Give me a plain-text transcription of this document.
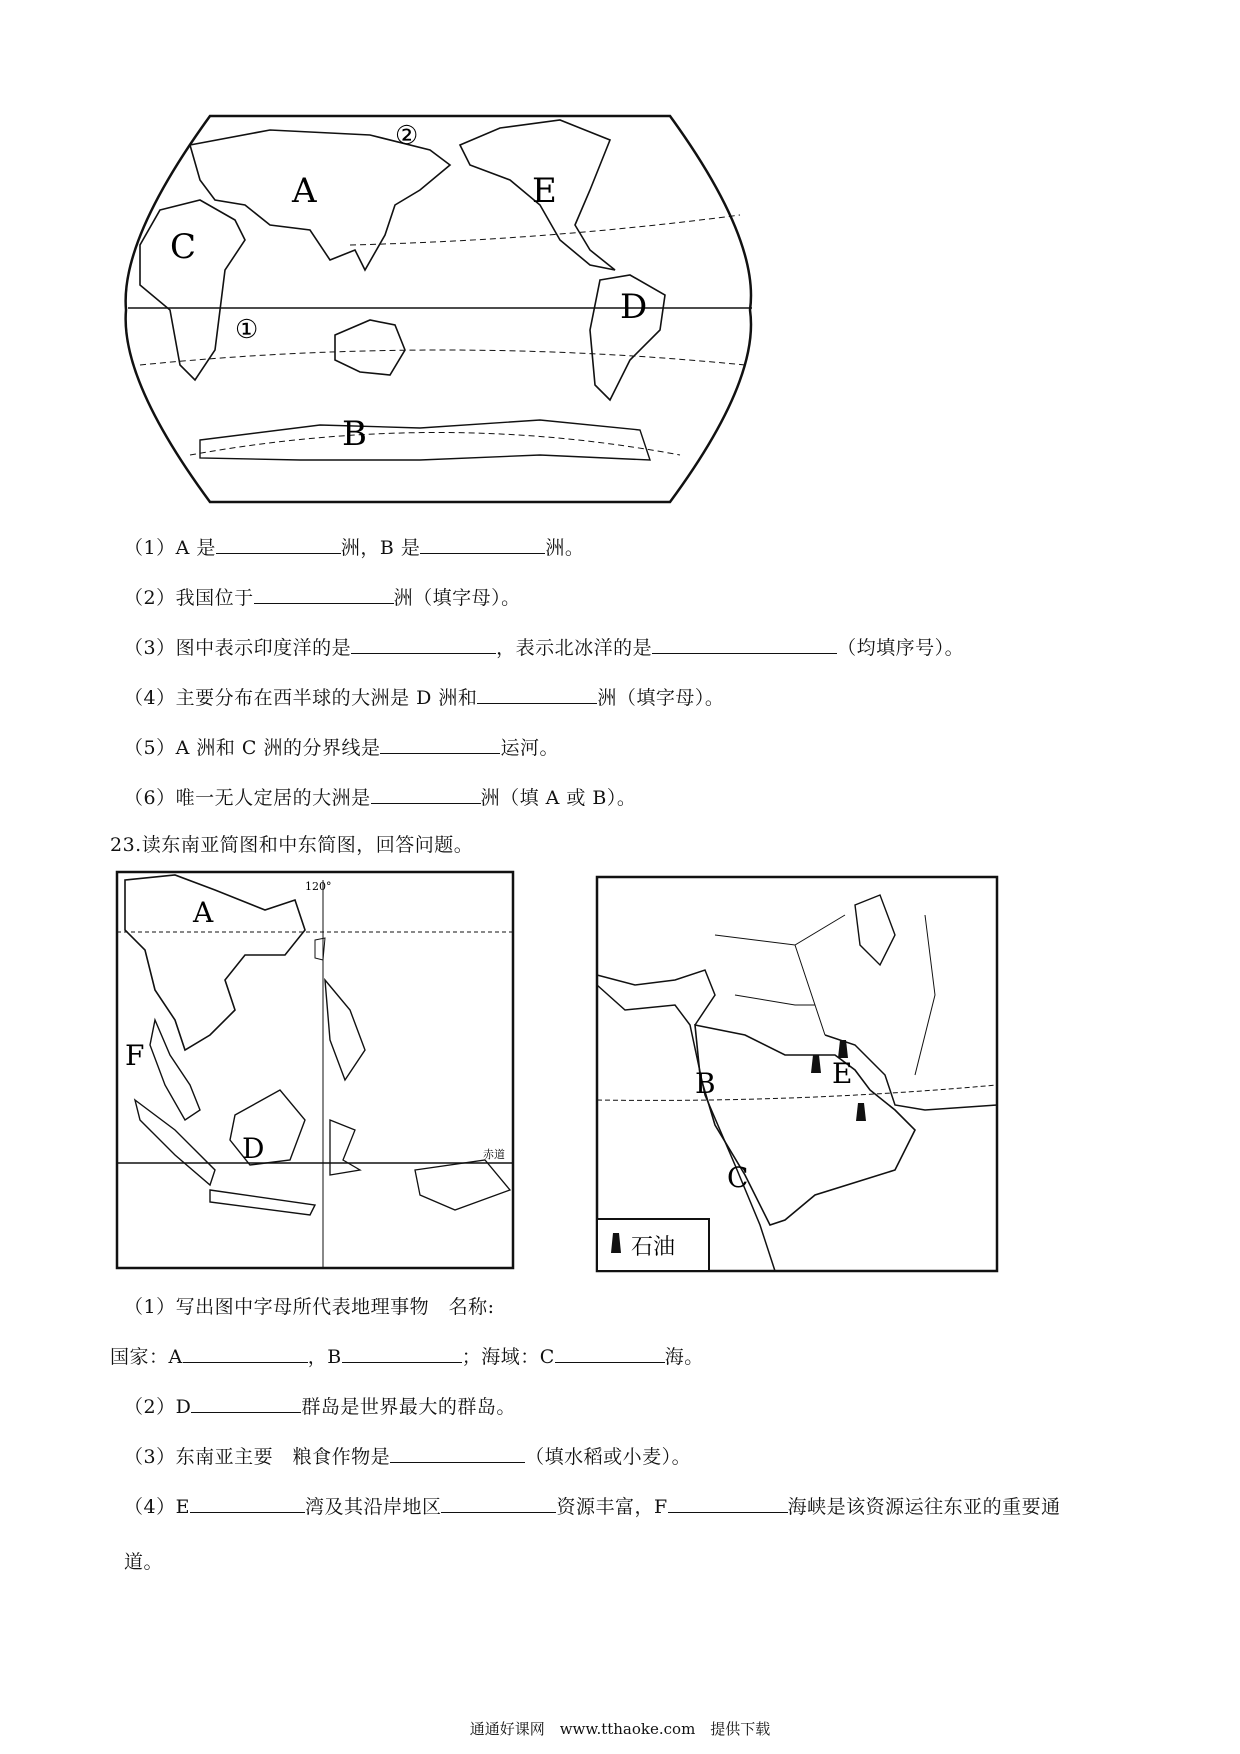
A
B
C
D
E
①
②
（1）A 是	洲，B 是	洲。
（2）我国位于	洲（填字母）。
（3）图中表示印度洋的是	，表示北冰洋的是	（均填序号）。
（4）主要分布在西半球的大洲是 D 洲和	洲（填字母）。
（5）A 洲和 C 洲的分界线是	运河。
（6）唯一无人定居的大洲是	洲（填 A 或 B）。
23.读东南亚简图和中东简图，回答问题。
A
D
F
120°
赤道
B
C
E
石油
（1）写出图中字母所代表地理事物　名称:
国家：A	，B	；海域：C	海。
（2）D	群岛是世界最大的群岛。
（3）东南亚主要　粮食作物是	（填水稻或小麦）。
（4）E	湾及其沿岸地区	资源丰富，F	海峡是该资源运往东亚的重要通
道。
通通好课网　www.tthaoke.com　提供下载
